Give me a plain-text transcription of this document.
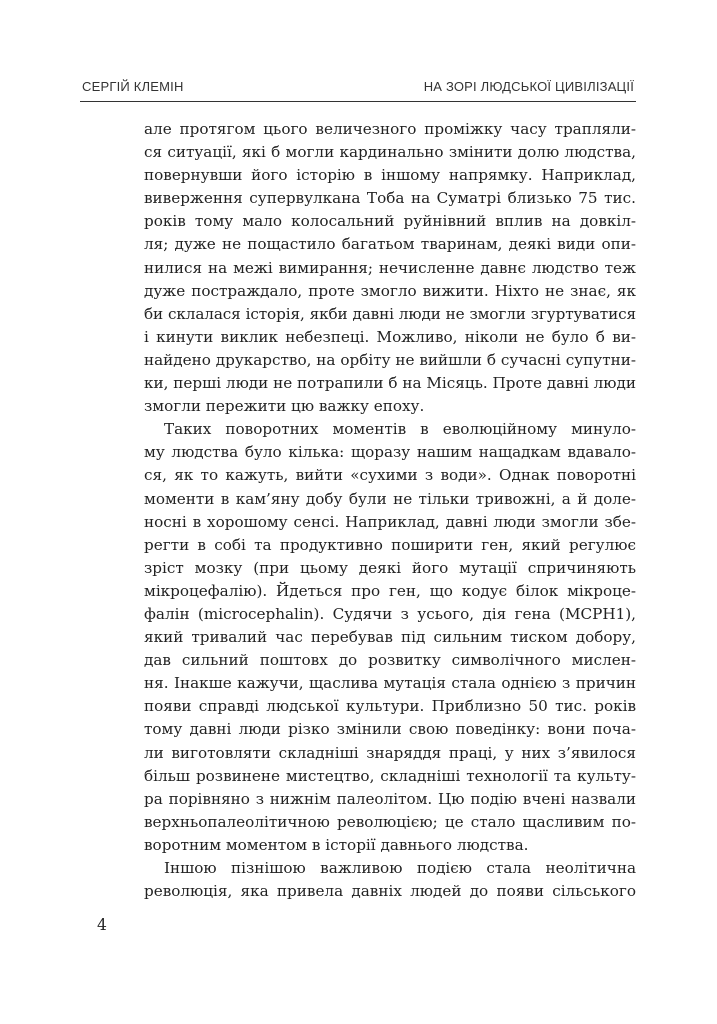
СЕРГІЙ КЛЕМІН	НА ЗОРІ ЛЮДСЬКОЇ ЦИВІЛІЗАЦІЇ
але протягом цього величезного проміжку часу трапляли-
ся ситуації, які б могли кардинально змінити долю людства,
повернувши його історію в іншому напрямку. Наприклад,
виверження супервулкана Тоба на Суматрі близько 75 тис.
років тому мало колосальний руйнівний вплив на довкіл-
ля; дуже не пощастило багатьом тваринам, деякі види опи-
нилися на межі вимирання; нечисленне давнє людство теж
дуже постраждало, проте змогло вижити. Ніхто не знає, як
би склалася історія, якби давні люди не змогли згуртуватися
і кинути виклик небезпеці. Можливо, ніколи не було б ви-
найдено друкарство, на орбіту не вийшли б сучасні супутни-
ки, перші люди не потрапили б на Місяць. Проте давні люди
змогли пережити цю важку епоху.
Таких поворотних моментів в еволюційному минуло-
му людства було кілька: щоразу нашим нащадкам вдавало-
ся, як то кажуть, вийти «сухими з води». Однак поворотні
моменти в кам’яну добу були не тільки тривожні, а й доле-
носні в хорошому сенсі. Наприклад, давні люди змогли збе-
регти в собі та продуктивно поширити ген, який регулює
зріст мозку (при цьому деякі його мутації спричиняють
мікроцефалію). Йдеться про ген, що кодує білок мікроце-
фалін (microcephalin). Судячи з усього, дія гена (MCPH1),
який тривалий час перебував під сильним тиском добору,
дав сильний поштовх до розвитку символічного мислен-
ня. Інакше кажучи, щаслива мутація стала однією з причин
появи справді людської культури. Приблизно 50 тис. років
тому давні люди різко змінили свою поведінку: вони поча-
ли виготовляти складніші знаряддя праці, у них з’явилося
більш розвинене мистецтво, складніші технології та культу-
ра порівняно з нижнім палеолітом. Цю подію вчені назвали
верхньопалеолітичною революцією; це стало щасливим по-
воротним моментом в історії давнього людства.
Іншою пізнішою важливою подією стала неолітична
революція, яка привела давніх людей до появи сільського
4
